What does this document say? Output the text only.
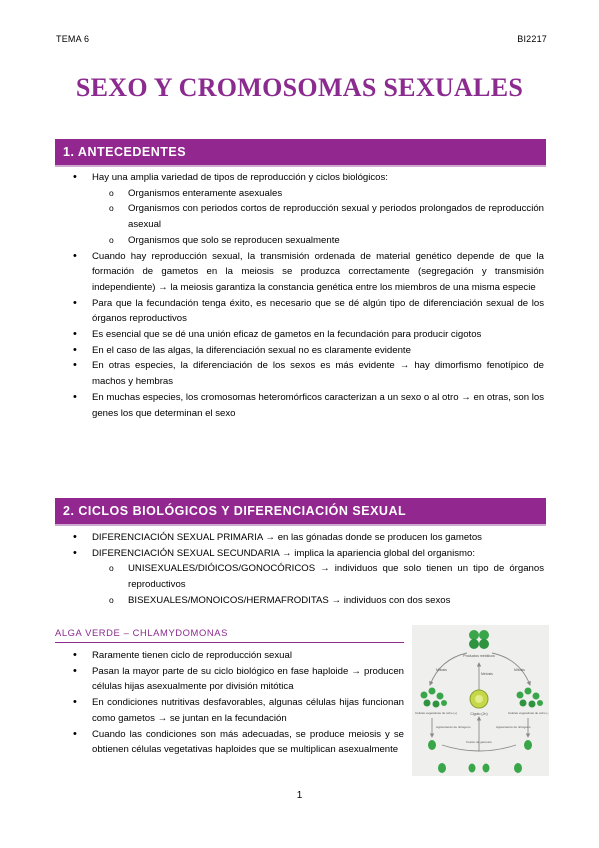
TEMA 6	BI2217
SEXO Y CROMOSOMAS SEXUALES
1. ANTECEDENTES
• Hay una amplia variedad de tipos de reproducción y ciclos biológicos:
o Organismos enteramente asexuales
o Organismos con periodos cortos de reproducción sexual y periodos prolongados de reproducción asexual
o Organismos que solo se reproducen sexualmente
• Cuando hay reproducción sexual, la transmisión ordenada de material genético depende de que la formación de gametos en la meiosis se produzca correctamente (segregación y transmisión independiente) → la meiosis garantiza la constancia genética entre los miembros de una misma especie
• Para que la fecundación tenga éxito, es necesario que se dé algún tipo de diferenciación sexual de los órganos reproductivos
• Es esencial que se dé una unión eficaz de gametos en la fecundación para producir cigotos
• En el caso de las algas, la diferenciación sexual no es claramente evidente
• En otras especies, la diferenciación de los sexos es más evidente → hay dimorfismo fenotípico de machos y hembras
• En muchas especies, los cromosomas heteromórficos caracterizan a un sexo o al otro → en otras, son los genes los que determinan el sexo
2. CICLOS BIOLÓGICOS Y DIFERENCIACIÓN SEXUAL
• DIFERENCIACIÓN SEXUAL PRIMARIA → en las gónadas donde se producen los gametos
• DIFERENCIACIÓN SEXUAL SECUNDARIA → implica la apariencia global del organismo:
o UNISEXUALES/DIÓICOS/GONOCÓRICOS → individuos que solo tienen un tipo de órganos reproductivos
o BISEXUALES/MONOICOS/HERMAFRODITAS → individuos con dos sexos
ALGA VERDE – CHLAMYDOMONAS
• Raramente tienen ciclo de reproducción sexual
• Pasan la mayor parte de su ciclo biológico en fase haploide → producen células hijas asexualmente por división mitótica
• En condiciones nutritivas desfavorables, algunas células hijas funcionan como gametos → se juntan en la fecundación
• Cuando las condiciones son más adecuadas, se produce meiosis y se obtienen células vegetativas haploides que se multiplican asexualmente
Productos meióticos
Mitosis	Mitosis
Meiosis
Cigoto (2n)
Células vegetativas de cebo (+)	Células vegetativas de cebo (−)
Agotamiento de nitrógeno	Agotamiento de nitrógeno
Fusión de gametos
1
